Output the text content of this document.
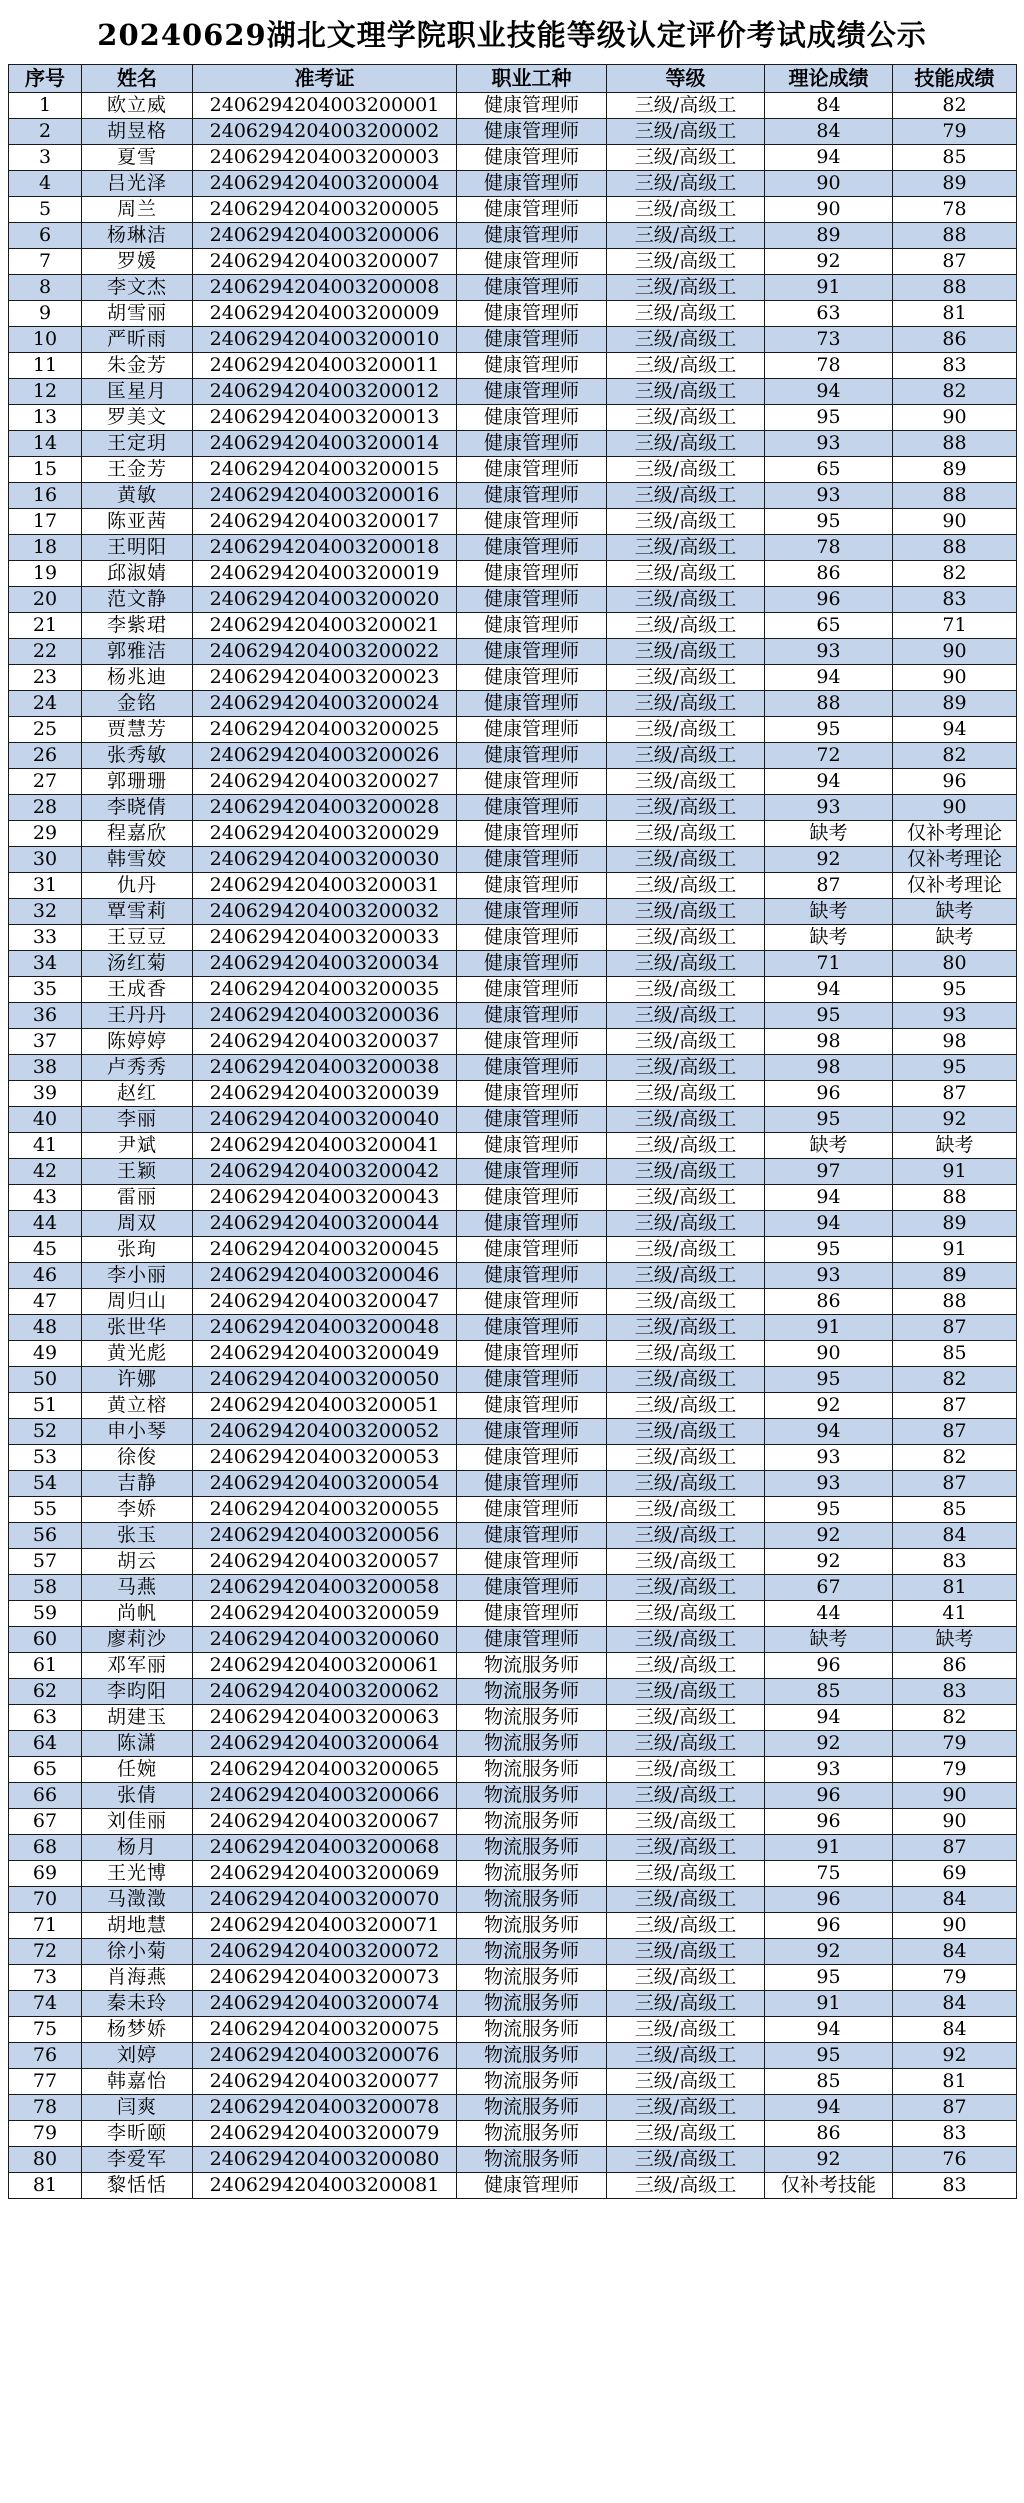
20240629湖北文理学院职业技能等级认定评价考试成绩公示
序号	姓名	准考证	职业工种	等级	理论成绩	技能成绩
1	欧立威	2406294204003200001	健康管理师	三级/高级工	84	82
2	胡昱格	2406294204003200002	健康管理师	三级/高级工	84	79
3	夏雪	2406294204003200003	健康管理师	三级/高级工	94	85
4	吕光泽	2406294204003200004	健康管理师	三级/高级工	90	89
5	周兰	2406294204003200005	健康管理师	三级/高级工	90	78
6	杨琳洁	2406294204003200006	健康管理师	三级/高级工	89	88
7	罗媛	2406294204003200007	健康管理师	三级/高级工	92	87
8	李文杰	2406294204003200008	健康管理师	三级/高级工	91	88
9	胡雪丽	2406294204003200009	健康管理师	三级/高级工	63	81
10	严昕雨	2406294204003200010	健康管理师	三级/高级工	73	86
11	朱金芳	2406294204003200011	健康管理师	三级/高级工	78	83
12	匡星月	2406294204003200012	健康管理师	三级/高级工	94	82
13	罗美文	2406294204003200013	健康管理师	三级/高级工	95	90
14	王定玥	2406294204003200014	健康管理师	三级/高级工	93	88
15	王金芳	2406294204003200015	健康管理师	三级/高级工	65	89
16	黄敏	2406294204003200016	健康管理师	三级/高级工	93	88
17	陈亚茜	2406294204003200017	健康管理师	三级/高级工	95	90
18	王明阳	2406294204003200018	健康管理师	三级/高级工	78	88
19	邱淑婧	2406294204003200019	健康管理师	三级/高级工	86	82
20	范文静	2406294204003200020	健康管理师	三级/高级工	96	83
21	李紫珺	2406294204003200021	健康管理师	三级/高级工	65	71
22	郭雅洁	2406294204003200022	健康管理师	三级/高级工	93	90
23	杨兆迪	2406294204003200023	健康管理师	三级/高级工	94	90
24	金铭	2406294204003200024	健康管理师	三级/高级工	88	89
25	贾慧芳	2406294204003200025	健康管理师	三级/高级工	95	94
26	张秀敏	2406294204003200026	健康管理师	三级/高级工	72	82
27	郭珊珊	2406294204003200027	健康管理师	三级/高级工	94	96
28	李晓倩	2406294204003200028	健康管理师	三级/高级工	93	90
29	程嘉欣	2406294204003200029	健康管理师	三级/高级工	缺考	仅补考理论
30	韩雪姣	2406294204003200030	健康管理师	三级/高级工	92	仅补考理论
31	仇丹	2406294204003200031	健康管理师	三级/高级工	87	仅补考理论
32	覃雪莉	2406294204003200032	健康管理师	三级/高级工	缺考	缺考
33	王豆豆	2406294204003200033	健康管理师	三级/高级工	缺考	缺考
34	汤红菊	2406294204003200034	健康管理师	三级/高级工	71	80
35	王成香	2406294204003200035	健康管理师	三级/高级工	94	95
36	王丹丹	2406294204003200036	健康管理师	三级/高级工	95	93
37	陈婷婷	2406294204003200037	健康管理师	三级/高级工	98	98
38	卢秀秀	2406294204003200038	健康管理师	三级/高级工	98	95
39	赵红	2406294204003200039	健康管理师	三级/高级工	96	87
40	李丽	2406294204003200040	健康管理师	三级/高级工	95	92
41	尹斌	2406294204003200041	健康管理师	三级/高级工	缺考	缺考
42	王颖	2406294204003200042	健康管理师	三级/高级工	97	91
43	雷丽	2406294204003200043	健康管理师	三级/高级工	94	88
44	周双	2406294204003200044	健康管理师	三级/高级工	94	89
45	张珣	2406294204003200045	健康管理师	三级/高级工	95	91
46	李小丽	2406294204003200046	健康管理师	三级/高级工	93	89
47	周归山	2406294204003200047	健康管理师	三级/高级工	86	88
48	张世华	2406294204003200048	健康管理师	三级/高级工	91	87
49	黄光彪	2406294204003200049	健康管理师	三级/高级工	90	85
50	许娜	2406294204003200050	健康管理师	三级/高级工	95	82
51	黄立榕	2406294204003200051	健康管理师	三级/高级工	92	87
52	申小琴	2406294204003200052	健康管理师	三级/高级工	94	87
53	徐俊	2406294204003200053	健康管理师	三级/高级工	93	82
54	吉静	2406294204003200054	健康管理师	三级/高级工	93	87
55	李娇	2406294204003200055	健康管理师	三级/高级工	95	85
56	张玉	2406294204003200056	健康管理师	三级/高级工	92	84
57	胡云	2406294204003200057	健康管理师	三级/高级工	92	83
58	马燕	2406294204003200058	健康管理师	三级/高级工	67	81
59	尚帆	2406294204003200059	健康管理师	三级/高级工	44	41
60	廖莉沙	2406294204003200060	健康管理师	三级/高级工	缺考	缺考
61	邓军丽	2406294204003200061	物流服务师	三级/高级工	96	86
62	李昀阳	2406294204003200062	物流服务师	三级/高级工	85	83
63	胡建玉	2406294204003200063	物流服务师	三级/高级工	94	82
64	陈潇	2406294204003200064	物流服务师	三级/高级工	92	79
65	任婉	2406294204003200065	物流服务师	三级/高级工	93	79
66	张倩	2406294204003200066	物流服务师	三级/高级工	96	90
67	刘佳丽	2406294204003200067	物流服务师	三级/高级工	96	90
68	杨月	2406294204003200068	物流服务师	三级/高级工	91	87
69	王光博	2406294204003200069	物流服务师	三级/高级工	75	69
70	马澂澂	2406294204003200070	物流服务师	三级/高级工	96	84
71	胡地慧	2406294204003200071	物流服务师	三级/高级工	96	90
72	徐小菊	2406294204003200072	物流服务师	三级/高级工	92	84
73	肖海燕	2406294204003200073	物流服务师	三级/高级工	95	79
74	秦未玲	2406294204003200074	物流服务师	三级/高级工	91	84
75	杨梦娇	2406294204003200075	物流服务师	三级/高级工	94	84
76	刘婷	2406294204003200076	物流服务师	三级/高级工	95	92
77	韩嘉怡	2406294204003200077	物流服务师	三级/高级工	85	81
78	闫爽	2406294204003200078	物流服务师	三级/高级工	94	87
79	李昕颐	2406294204003200079	物流服务师	三级/高级工	86	83
80	李爱军	2406294204003200080	物流服务师	三级/高级工	92	76
81	黎恬恬	2406294204003200081	健康管理师	三级/高级工	仅补考技能	83
